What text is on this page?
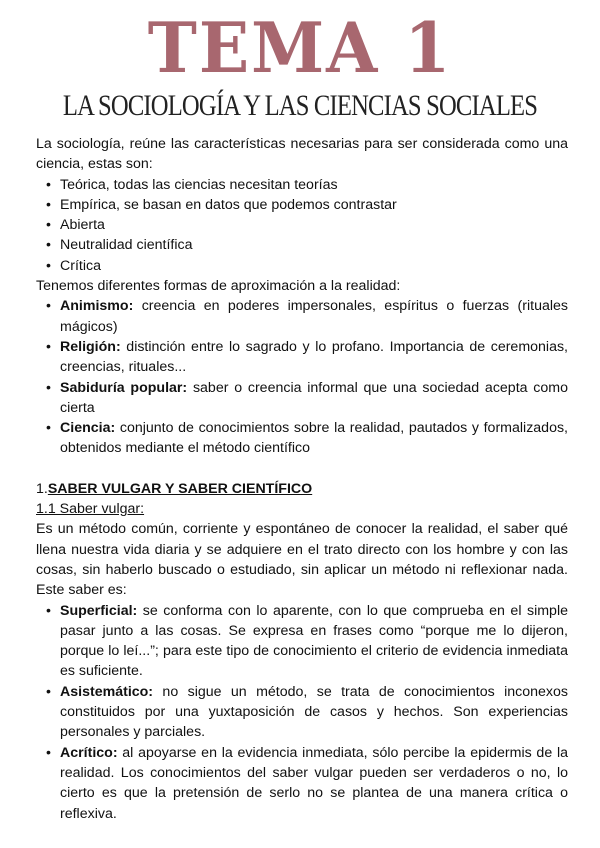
TEMA 1
LA SOCIOLOGÍA Y LAS CIENCIAS SOCIALES

La sociología, reúne las características necesarias para ser considerada como una ciencia, estas son:

• Teórica, todas las ciencias necesitan teorías
• Empírica, se basan en datos que podemos contrastar
• Abierta
• Neutralidad científica
• Crítica

Tenemos diferentes formas de aproximación a la realidad:

• Animismo: creencia en poderes impersonales, espíritus o fuerzas (rituales mágicos)
• Religión: distinción entre lo sagrado y lo profano. Importancia de ceremonias, creencias, rituales...
• Sabiduría popular: saber o creencia informal que una sociedad acepta como cierta
• Ciencia: conjunto de conocimientos sobre la realidad, pautados y formalizados, obtenidos mediante el método científico

1.SABER VULGAR Y SABER CIENTÍFICO

1.1 Saber vulgar:

Es un método común, corriente y espontáneo de conocer la realidad, el saber qué llena nuestra vida diaria y se adquiere en el trato directo con los hombre y con las cosas, sin haberlo buscado o estudiado, sin aplicar un método ni reflexionar nada. Este saber es:

• Superficial: se conforma con lo aparente, con lo que comprueba en el simple pasar junto a las cosas. Se expresa en frases como “porque me lo dijeron, porque lo leí...”; para este tipo de conocimiento el criterio de evidencia inmediata es suficiente.
• Asistemático: no sigue un método, se trata de conocimientos inconexos constituidos por una yuxtaposición de casos y hechos. Son experiencias personales y parciales.
• Acrítico: al apoyarse en la evidencia inmediata, sólo percibe la epidermis de la realidad. Los conocimientos del saber vulgar pueden ser verdaderos o no, lo cierto es que la pretensión de serlo no se plantea de una manera crítica o reflexiva.
